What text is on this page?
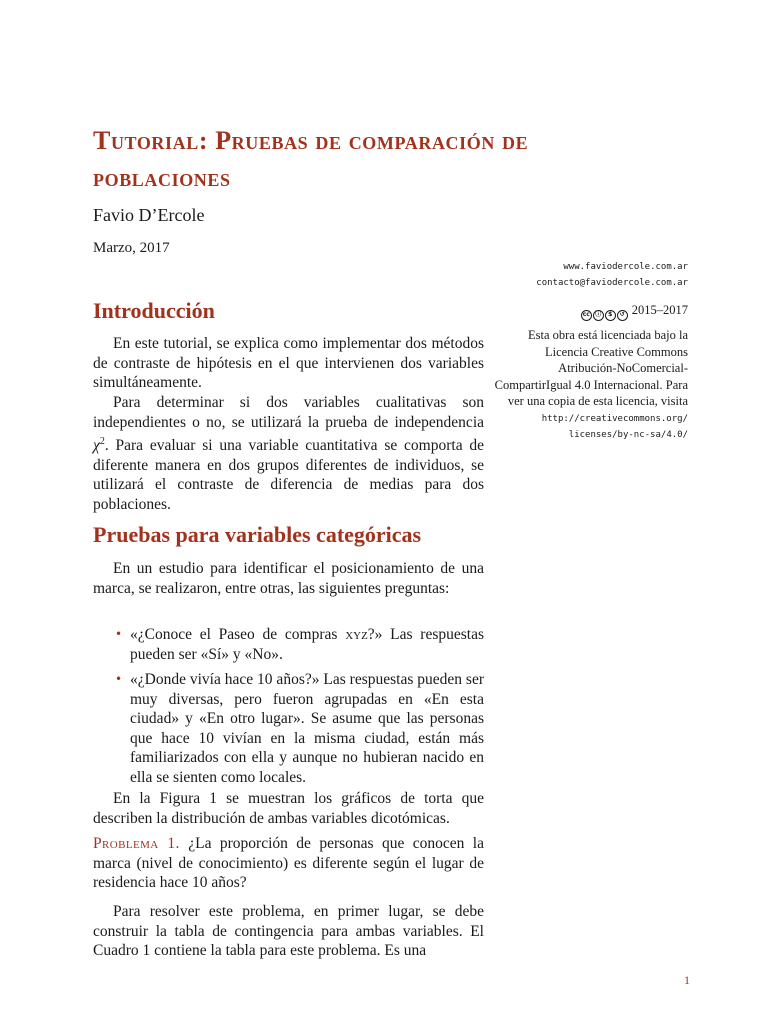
Tutorial: Pruebas de comparación de poblaciones
Favio D’Ercole
Marzo, 2017
www.faviodercole.com.ar
contacto@faviodercole.com.ar
cc ⓘ	$	↺ 2015–2017
Esta obra está licenciada bajo la Licencia Creative Commons Atribución-NoComercial-CompartirIgual 4.0 Internacional. Para ver una copia de esta licencia, visita
http://creativecommons.org/
licenses/by-nc-sa/4.0/
Introducción

En este tutorial, se explica como implementar dos métodos de contraste de hipótesis en el que intervienen dos variables simultáneamente.

Para determinar si dos variables cualitativas son independientes o no, se utilizará la prueba de independencia $\chi^2$. Para evaluar si una variable cuantitativa se comporta de diferente manera en dos grupos diferentes de individuos, se utilizará el contraste de diferencia de medias para dos poblaciones.

Pruebas para variables categóricas

En un estudio para identificar el posicionamiento de una marca, se realizaron, entre otras, las siguientes preguntas:

• «¿Conoce el Paseo de compras xyz?» Las respuestas pueden ser «Sí» y «No».

• «¿Donde vivía hace 10 años?» Las respuestas pueden ser muy diversas, pero fueron agrupadas en «En esta ciudad» y «En otro lugar». Se asume que las personas que hace 10 vivían en la misma ciudad, están más familiarizados con ella y aunque no hubieran nacido en ella se sienten como locales.

En la Figura 1 se muestran los gráficos de torta que describen la distribución de ambas variables dicotómicas.

Problema 1. ¿La proporción de personas que conocen la marca (nivel de conocimiento) es diferente según el lugar de residencia hace 10 años?

Para resolver este problema, en primer lugar, se debe construir la tabla de contingencia para ambas variables. El Cuadro 1 contiene la tabla para este problema. Es una

1
